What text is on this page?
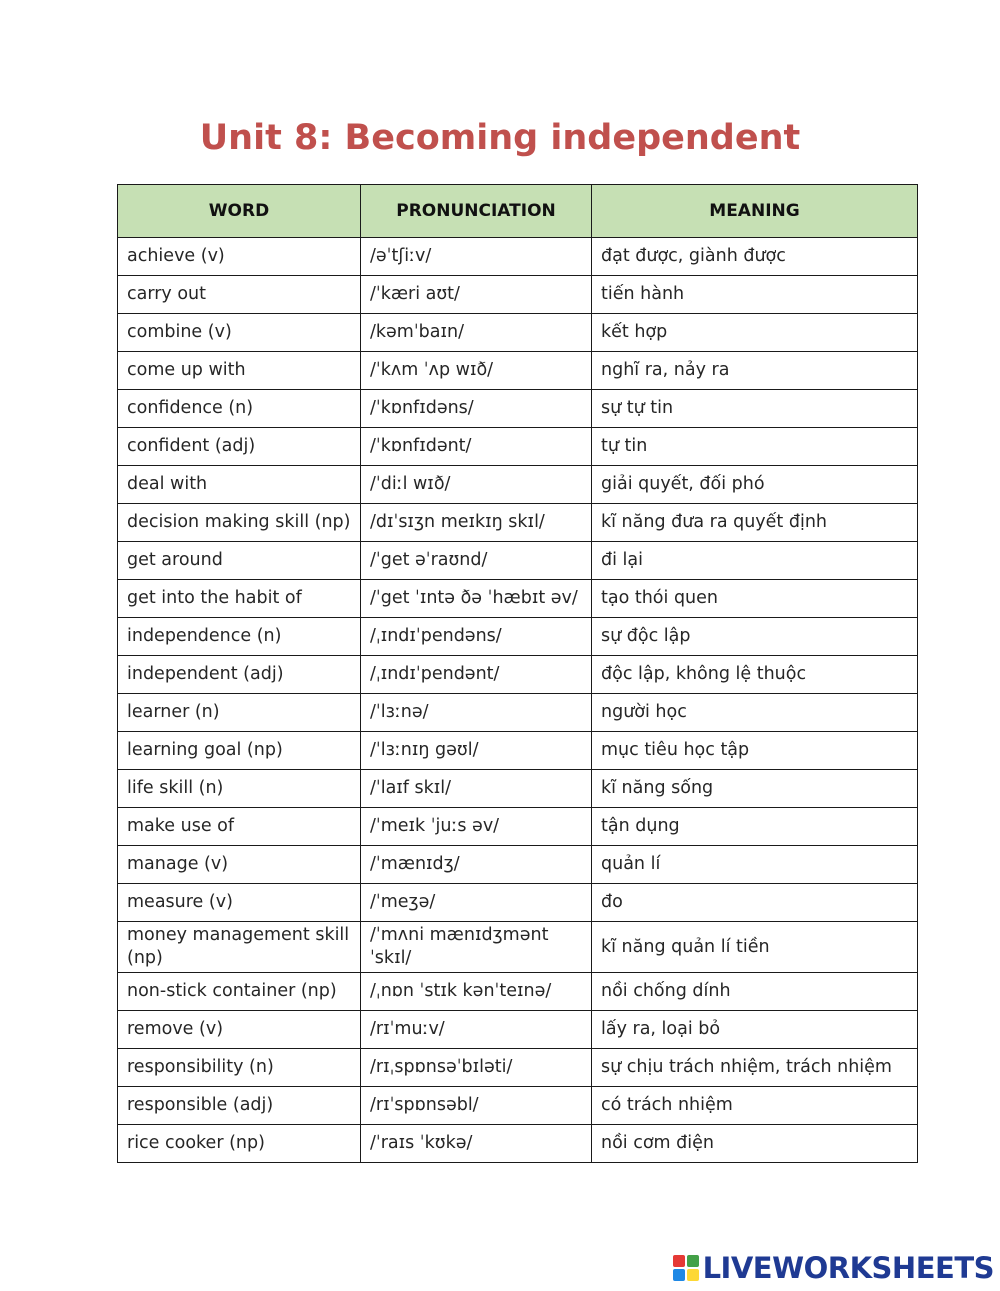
Unit 8: Becoming independent
WORD	PRONUNCIATION	MEANING
achieve (v)	/əˈtʃiːv/	đạt được, giành được
carry out	/ˈkæri aʊt/	tiến hành
combine (v)	/kəmˈbaɪn/	kết hợp
come up with	/ˈkʌm ˈʌp wɪð/	nghĩ ra, nảy ra
confidence (n)	/ˈkɒnfɪdəns/	sự tự tin
confident (adj)	/ˈkɒnfɪdənt/	tự tin
deal with	/ˈdiːl wɪð/	giải quyết, đối phó
decision making skill (np)	/dɪˈsɪʒn meɪkɪŋ skɪl/	kĩ năng đưa ra quyết định
get around	/ˈget əˈraʊnd/	đi lại
get into the habit of	/ˈget ˈɪntə ðə ˈhæbɪt əv/	tạo thói quen
independence (n)	/ˌɪndɪˈpendəns/	sự độc lập
independent (adj)	/ˌɪndɪˈpendənt/	độc lập, không lệ thuộc
learner (n)	/ˈlɜːnə/	người học
learning goal (np)	/ˈlɜːnɪŋ gəʊl/	mục tiêu học tập
life skill (n)	/ˈlaɪf skɪl/	kĩ năng sống
make use of	/ˈmeɪk ˈjuːs əv/	tận dụng
manage (v)	/ˈmænɪdʒ/	quản lí
measure (v)	/ˈmeʒə/	đo
money management skill (np)	/ˈmʌni mænɪdʒmənt ˈskɪl/	kĩ năng quản lí tiền
non-stick container (np)	/ˌnɒn ˈstɪk kənˈteɪnə/	nồi chống dính
remove (v)	/rɪˈmuːv/	lấy ra, loại bỏ
responsibility (n)	/rɪˌspɒnsəˈbɪləti/	sự chịu trách nhiệm, trách nhiệm
responsible (adj)	/rɪˈspɒnsəbl/	có trách nhiệm
rice cooker (np)	/ˈraɪs ˈkʊkə/	nồi cơm điện
LIVEWORKSHEETS
